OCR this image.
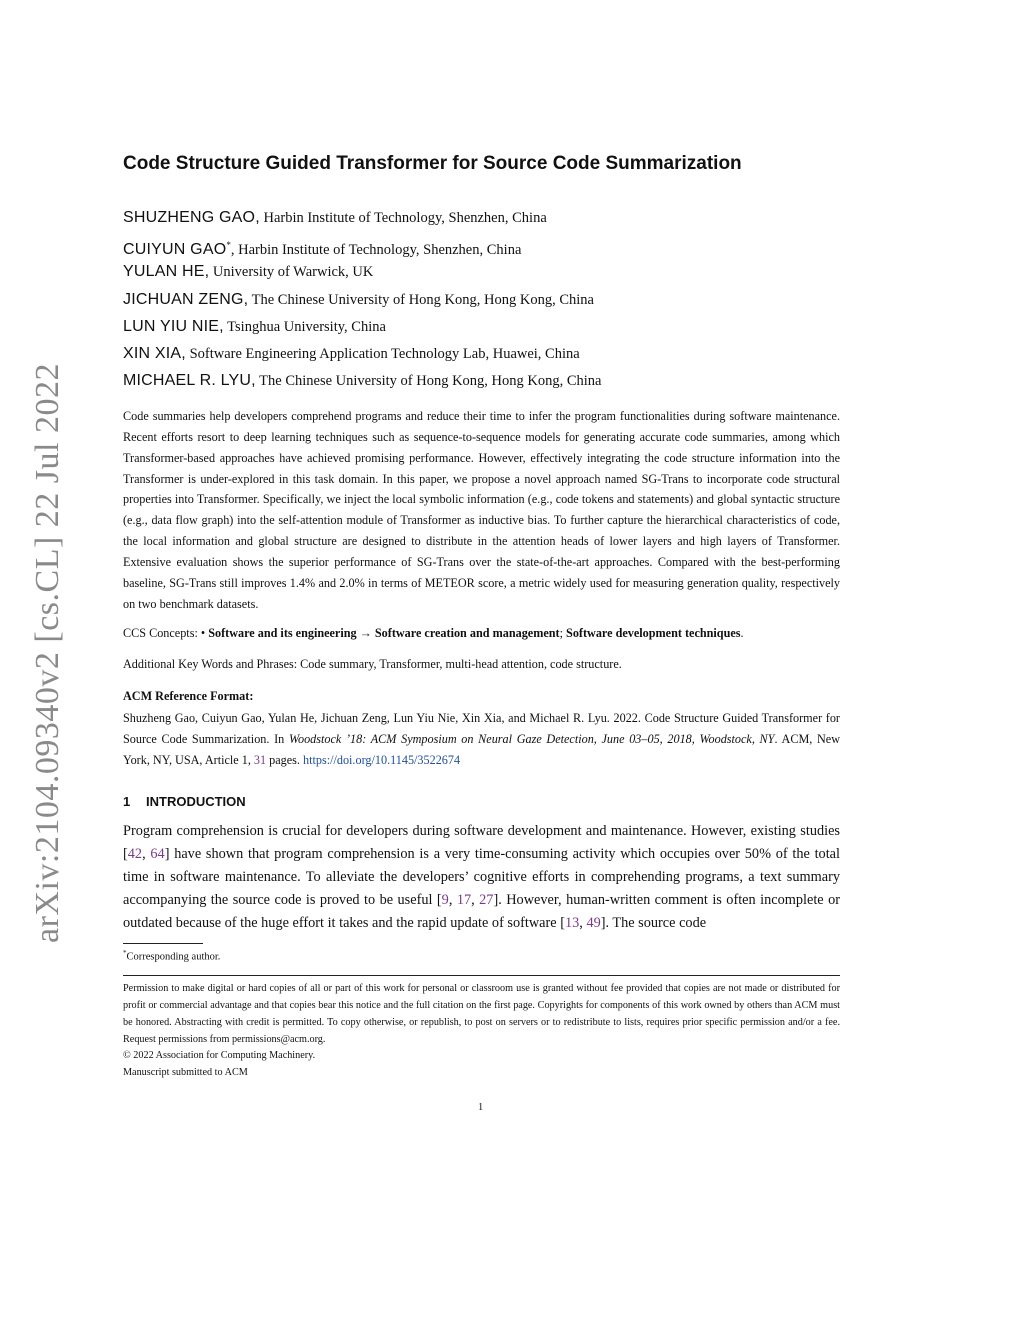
arXiv:2104.09340v2 [cs.CL] 22 Jul 2022
Code Structure Guided Transformer for Source Code Summarization
SHUZHENG GAO, Harbin Institute of Technology, Shenzhen, China
CUIYUN GAO*, Harbin Institute of Technology, Shenzhen, China
YULAN HE, University of Warwick, UK
JICHUAN ZENG, The Chinese University of Hong Kong, Hong Kong, China
LUN YIU NIE, Tsinghua University, China
XIN XIA, Software Engineering Application Technology Lab, Huawei, China
MICHAEL R. LYU, The Chinese University of Hong Kong, Hong Kong, China
Code summaries help developers comprehend programs and reduce their time to infer the program functionalities during software maintenance. Recent efforts resort to deep learning techniques such as sequence-to-sequence models for generating accurate code summaries, among which Transformer-based approaches have achieved promising performance. However, effectively integrating the code structure information into the Transformer is under-explored in this task domain. In this paper, we propose a novel approach named SG-Trans to incorporate code structural properties into Transformer. Specifically, we inject the local symbolic information (e.g., code tokens and statements) and global syntactic structure (e.g., data flow graph) into the self-attention module of Transformer as inductive bias. To further capture the hierarchical characteristics of code, the local information and global structure are designed to distribute in the attention heads of lower layers and high layers of Transformer. Extensive evaluation shows the superior performance of SG-Trans over the state-of-the-art approaches. Compared with the best-performing baseline, SG-Trans still improves 1.4% and 2.0% in terms of METEOR score, a metric widely used for measuring generation quality, respectively on two benchmark datasets.
CCS Concepts: • Software and its engineering → Software creation and management; Software development techniques.
Additional Key Words and Phrases: Code summary, Transformer, multi-head attention, code structure.
ACM Reference Format:
Shuzheng Gao, Cuiyun Gao, Yulan He, Jichuan Zeng, Lun Yiu Nie, Xin Xia, and Michael R. Lyu. 2022. Code Structure Guided Transformer for Source Code Summarization. In Woodstock ’18: ACM Symposium on Neural Gaze Detection, June 03–05, 2018, Woodstock, NY. ACM, New York, NY, USA, Article 1, 31 pages. https://doi.org/10.1145/3522674
1 INTRODUCTION
Program comprehension is crucial for developers during software development and maintenance. However, existing studies [42, 64] have shown that program comprehension is a very time-consuming activity which occupies over 50% of the total time in software maintenance. To alleviate the developers’ cognitive efforts in comprehending programs, a text summary accompanying the source code is proved to be useful [9, 17, 27]. However, human-written comment is often incomplete or outdated because of the huge effort it takes and the rapid update of software [13, 49]. The source code
*Corresponding author.
Permission to make digital or hard copies of all or part of this work for personal or classroom use is granted without fee provided that copies are not made or distributed for profit or commercial advantage and that copies bear this notice and the full citation on the first page. Copyrights for components of this work owned by others than ACM must be honored. Abstracting with credit is permitted. To copy otherwise, or republish, to post on servers or to redistribute to lists, requires prior specific permission and/or a fee. Request permissions from permissions@acm.org.
© 2022 Association for Computing Machinery.
Manuscript submitted to ACM
1
